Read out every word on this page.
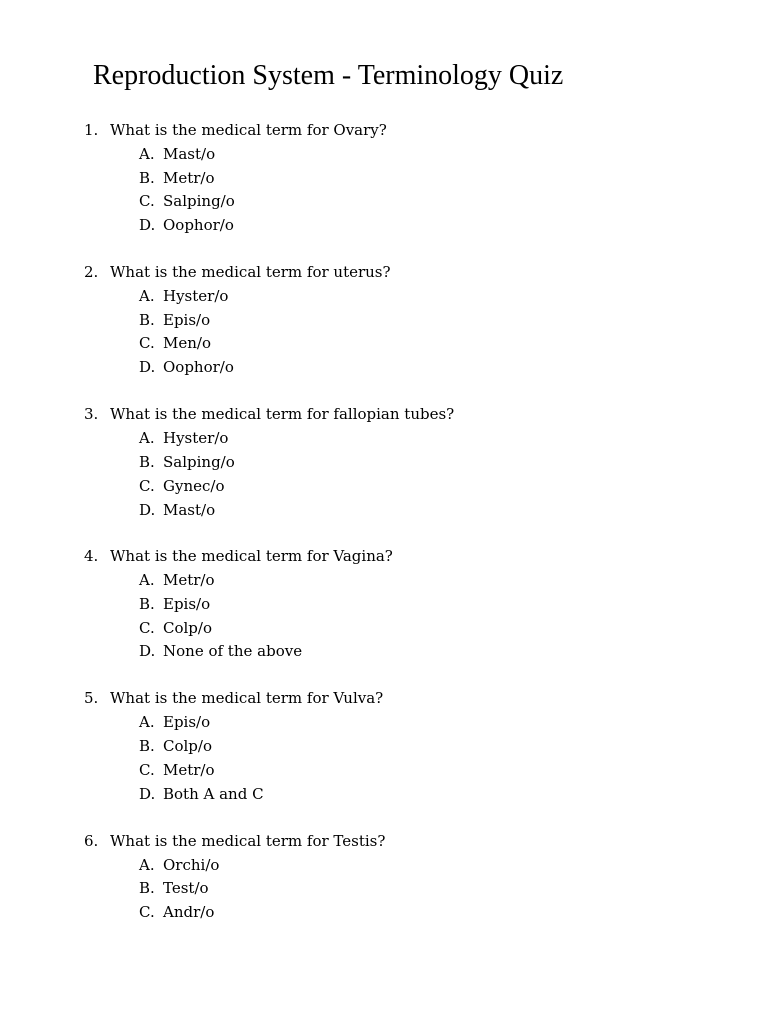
Reproduction System - Terminology Quiz
1. What is the medical term for Ovary?
A. Mast/o
B. Metr/o
C. Salping/o
D. Oophor/o
2. What is the medical term for uterus?
A. Hyster/o
B. Epis/o
C. Men/o
D. Oophor/o
3. What is the medical term for fallopian tubes?
A. Hyster/o
B. Salping/o
C. Gynec/o
D. Mast/o
4. What is the medical term for Vagina?
A. Metr/o
B. Epis/o
C. Colp/o
D. None of the above
5. What is the medical term for Vulva?
A. Epis/o
B. Colp/o
C. Metr/o
D. Both A and C
6. What is the medical term for Testis?
A. Orchi/o
B. Test/o
C. Andr/o
